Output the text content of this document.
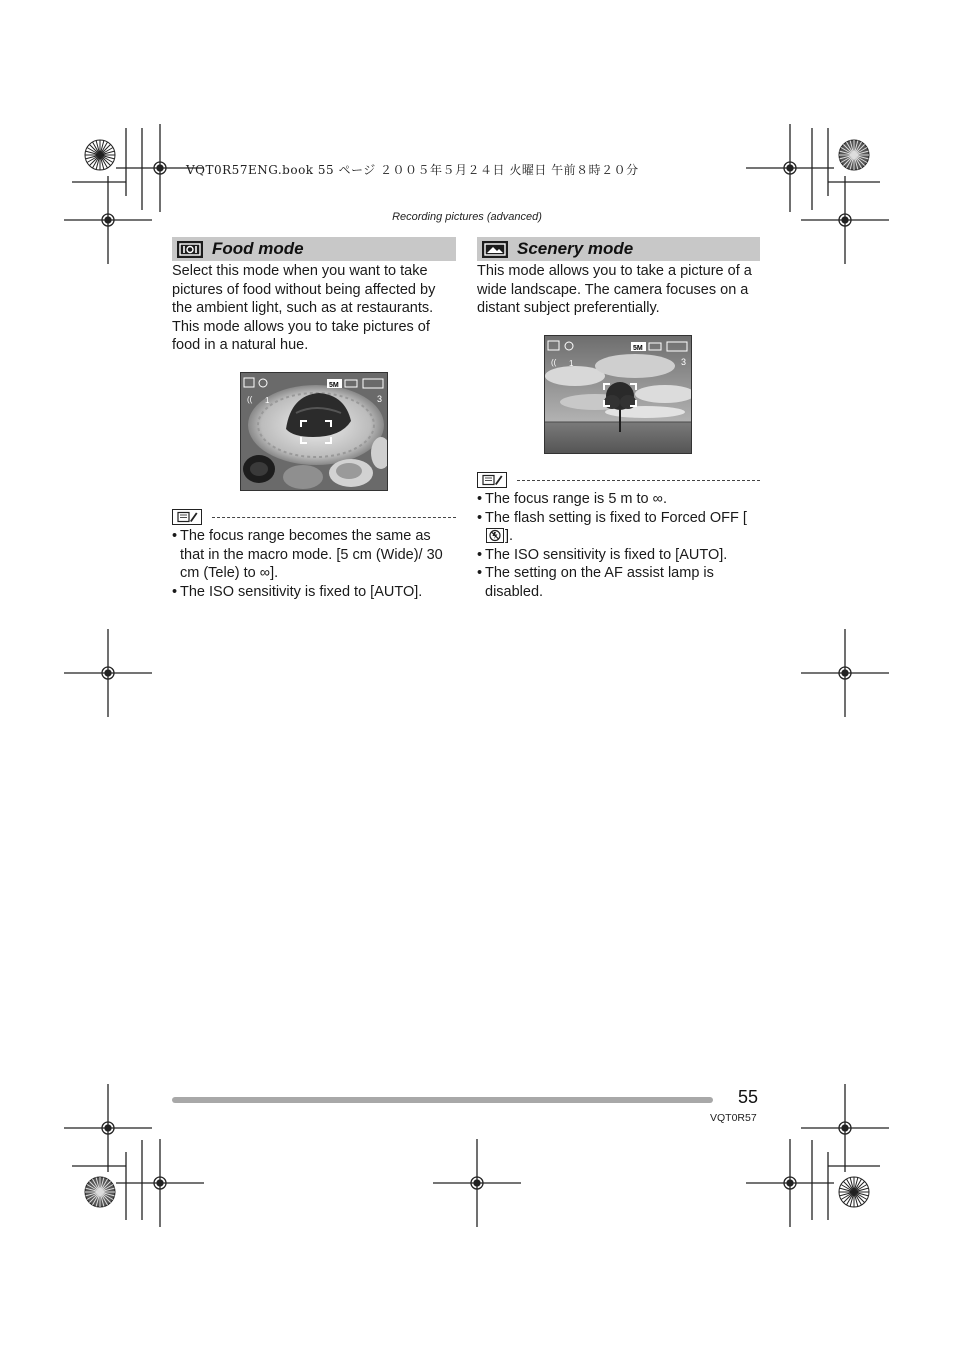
VQT0R57ENG.book 55 ページ ２００５年５月２４日 火曜日 午前８時２０分
Recording pictures (advanced)
Food mode
Select this mode when you want to take pictures of food without being affected by the ambient light, such as at restaurants. This mode allows you to take pictures of food in a natural hue.
5M
(( 1	3
• The focus range becomes the same as that in the macro mode. [5 cm (Wide)/ 30 cm (Tele) to ∞].
• The ISO sensitivity is fixed to [AUTO].
Scenery mode
This mode allows you to take a picture of a wide landscape. The camera focuses on a distant subject preferentially.
5M
(( 1	3
• The focus range is 5 m to ∞.
• The flash setting is fixed to Forced OFF [
].
• The ISO sensitivity is fixed to [AUTO].
• The setting on the AF assist lamp is disabled.
55
VQT0R57
